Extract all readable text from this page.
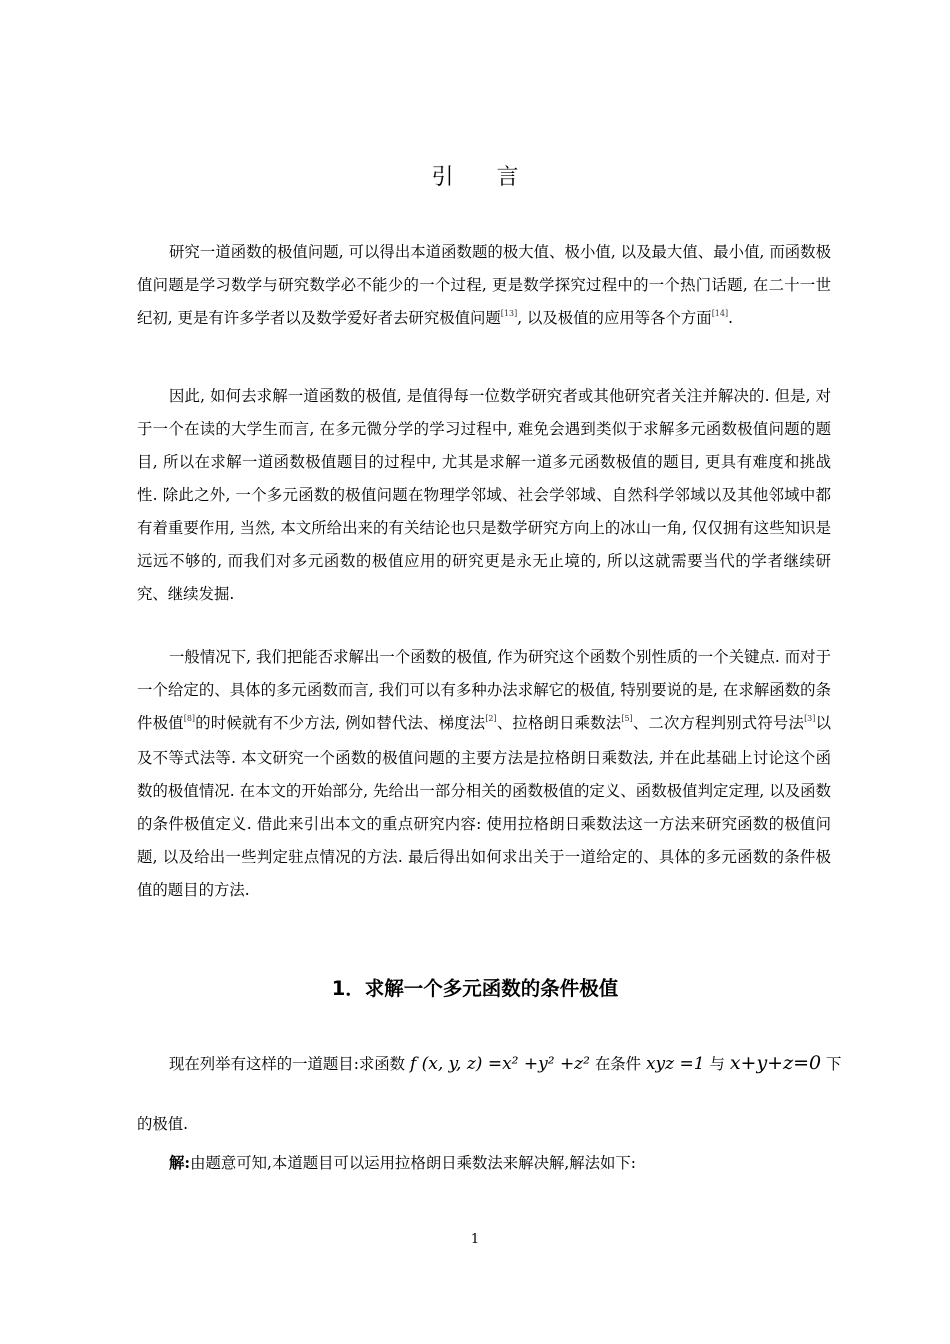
引 言

研究一道函数的极值问题, 可以得出本道函数题的极大值、极小值, 以及最大值、最小值, 而函数极值问题是学习数学与研究数学必不能少的一个过程, 更是数学探究过程中的一个热门话题, 在二十一世纪初, 更是有许多学者以及数学爱好者去研究极值问题[13], 以及极值的应用等各个方面[14].

因此, 如何去求解一道函数的极值, 是值得每一位数学研究者或其他研究者关注并解决的. 但是, 对于一个在读的大学生而言, 在多元微分学的学习过程中, 难免会遇到类似于求解多元函数极值问题的题目, 所以在求解一道函数极值题目的过程中, 尤其是求解一道多元函数极值的题目, 更具有难度和挑战性. 除此之外, 一个多元函数的极值问题在物理学邻域、社会学邻域、自然科学邻域以及其他邻域中都有着重要作用, 当然, 本文所给出来的有关结论也只是数学研究方向上的冰山一角, 仅仅拥有这些知识是远远不够的, 而我们对多元函数的极值应用的研究更是永无止境的, 所以这就需要当代的学者继续研究、继续发掘.

一般情况下, 我们把能否求解出一个函数的极值, 作为研究这个函数个别性质的一个关键点. 而对于一个给定的、具体的多元函数而言, 我们可以有多种办法求解它的极值, 特别要说的是, 在求解函数的条件极值[8]的时候就有不少方法, 例如替代法、梯度法[2]、拉格朗日乘数法[5]、二次方程判别式符号法[3]以及不等式法等. 本文研究一个函数的极值问题的主要方法是拉格朗日乘数法, 并在此基础上讨论这个函数的极值情况. 在本文的开始部分, 先给出一部分相关的函数极值的定义、函数极值判定定理, 以及函数的条件极值定义. 借此来引出本文的重点研究内容: 使用拉格朗日乘数法这一方法来研究函数的极值问题, 以及给出一些判定驻点情况的方法. 最后得出如何求出关于一道给定的、具体的多元函数的条件极值的题目的方法.

1．求解一个多元函数的条件极值
现在列举有这样的一道题目:求函数 f (x, y, z) =x² +y² +z² 在条件 xyz =1 与 x+y+z=0 下
的极值.
解:由题意可知,本道题目可以运用拉格朗日乘数法来解决解,解法如下:
1
